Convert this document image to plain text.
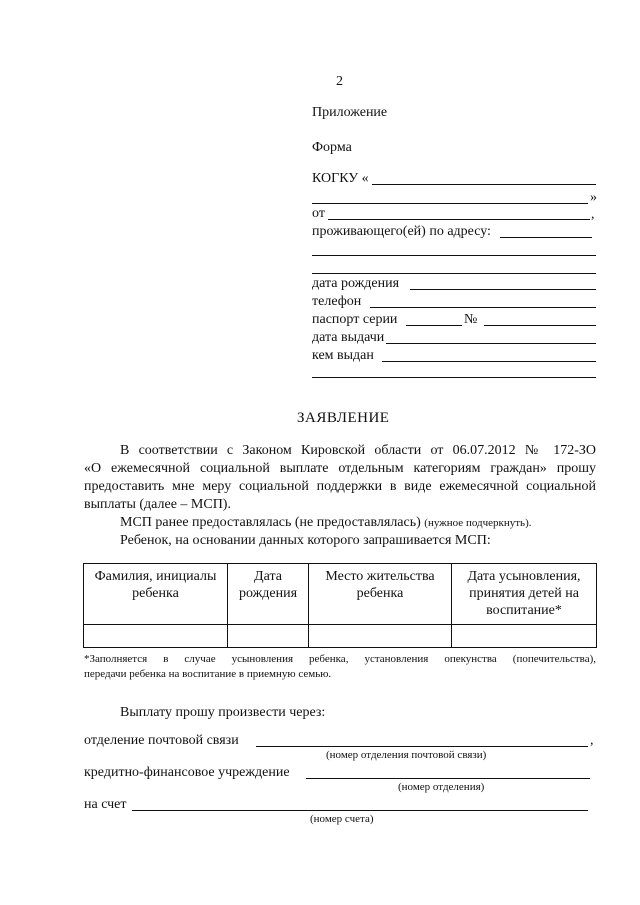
2
Приложение
Форма
КОГКУ «
»
от	,
проживающего(ей) по адресу:
дата рождения
телефон
паспорт серии	№
дата выдачи
кем выдан
ЗАЯВЛЕНИЕ
В соответствии с Законом Кировской области от 06.07.2012 № 172-ЗО
«О ежемесячной социальной выплате отдельным категориям граждан» прошу
предоставить мне меру социальной поддержки в виде ежемесячной социальной
выплаты (далее – МСП).
МСП ранее предоставлялась (не предоставлялась) (нужное подчеркнуть).
Ребенок, на основании данных которого запрашивается МСП:
Фамилия, инициалы ребенка	Дата рождения	Место жительства ребенка	Дата усыновления, принятия детей на воспитание*

*Заполняется в случае усыновления ребенка, установления опекунства (попечительства),
передачи ребенка на воспитание в приемную семью.
Выплату прошу произвести через:
отделение почтовой связи	,
(номер отделения почтовой связи)
кредитно-финансовое учреждение
(номер отделения)
на счет
(номер счета)
